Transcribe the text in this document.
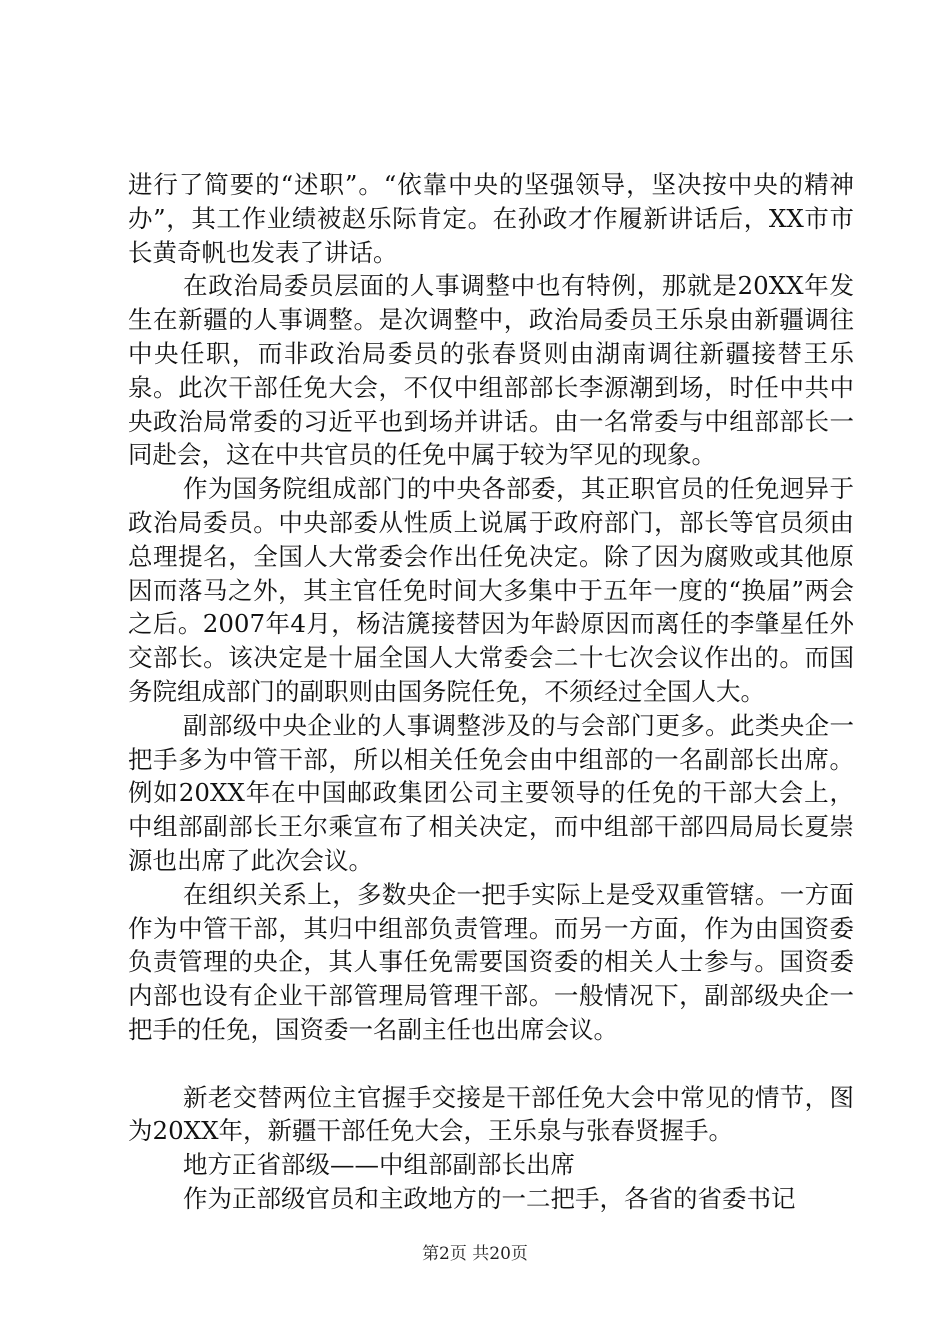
进行了简要的“述职”。“依靠中央的坚强领导，坚决按中央的精神办”，其工作业绩被赵乐际肯定。在孙政才作履新讲话后，XX市市长黄奇帆也发表了讲话。

在政治局委员层面的人事调整中也有特例，那就是20XX年发生在新疆的人事调整。是次调整中，政治局委员王乐泉由新疆调往中央任职，而非政治局委员的张春贤则由湖南调往新疆接替王乐泉。此次干部任免大会，不仅中组部部长李源潮到场，时任中共中央政治局常委的习近平也到场并讲话。由一名常委与中组部部长一同赴会，这在中共官员的任免中属于较为罕见的现象。

作为国务院组成部门的中央各部委，其正职官员的任免迥异于政治局委员。中央部委从性质上说属于政府部门，部长等官员须由总理提名，全国人大常委会作出任免决定。除了因为腐败或其他原因而落马之外，其主官任免时间大多集中于五年一度的“换届”两会之后。2007年4月，杨洁篪接替因为年龄原因而离任的李肇星任外交部长。该决定是十届全国人大常委会二十七次会议作出的。而国务院组成部门的副职则由国务院任免，不须经过全国人大。

副部级中央企业的人事调整涉及的与会部门更多。此类央企一把手多为中管干部，所以相关任免会由中组部的一名副部长出席。例如20XX年在中国邮政集团公司主要领导的任免的干部大会上，中组部副部长王尔乘宣布了相关决定，而中组部干部四局局长夏崇源也出席了此次会议。

在组织关系上，多数央企一把手实际上是受双重管辖。一方面作为中管干部，其归中组部负责管理。而另一方面，作为由国资委负责管理的央企，其人事任免需要国资委的相关人士参与。国资委内部也设有企业干部管理局管理干部。一般情况下，副部级央企一把手的任免，国资委一名副主任也出席会议。

新老交替两位主官握手交接是干部任免大会中常见的情节，图为20XX年，新疆干部任免大会，王乐泉与张春贤握手。

地方正省部级——中组部副部长出席

作为正部级官员和主政地方的一二把手，各省的省委书记

第2页 共20页
